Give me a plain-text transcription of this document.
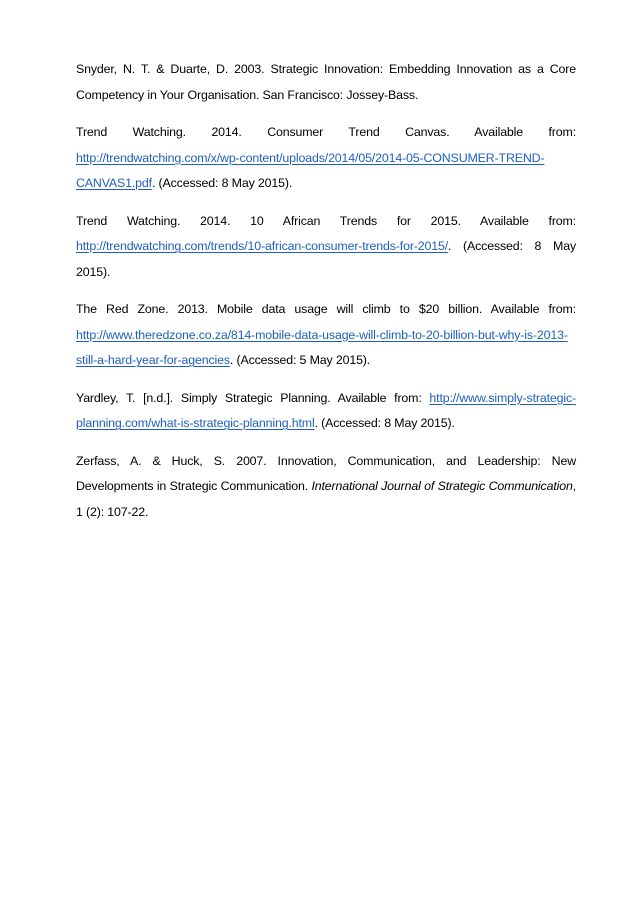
Snyder, N. T. & Duarte, D. 2003. Strategic Innovation: Embedding Innovation as a Core Competency in Your Organisation. San Francisco: Jossey-Bass.

Trend Watching. 2014. Consumer Trend Canvas. Available from: http://trendwatching.com/x/wp-content/uploads/2014/05/2014-05-CONSUMER-TREND-CANVAS1.pdf. (Accessed: 8 May 2015).

Trend Watching. 2014. 10 African Trends for 2015. Available from: http://trendwatching.com/trends/10-african-consumer-trends-for-2015/. (Accessed: 8 May 2015).

The Red Zone. 2013. Mobile data usage will climb to $20 billion. Available from: http://www.theredzone.co.za/814-mobile-data-usage-will-climb-to-20-billion-but-why-is-2013-still-a-hard-year-for-agencies. (Accessed: 5 May 2015).

Yardley, T. [n.d.]. Simply Strategic Planning. Available from: http://www.simply-strategic-planning.com/what-is-strategic-planning.html. (Accessed: 8 May 2015).

Zerfass, A. & Huck, S. 2007. Innovation, Communication, and Leadership: New Developments in Strategic Communication. International Journal of Strategic Communication, 1 (2): 107-22.
